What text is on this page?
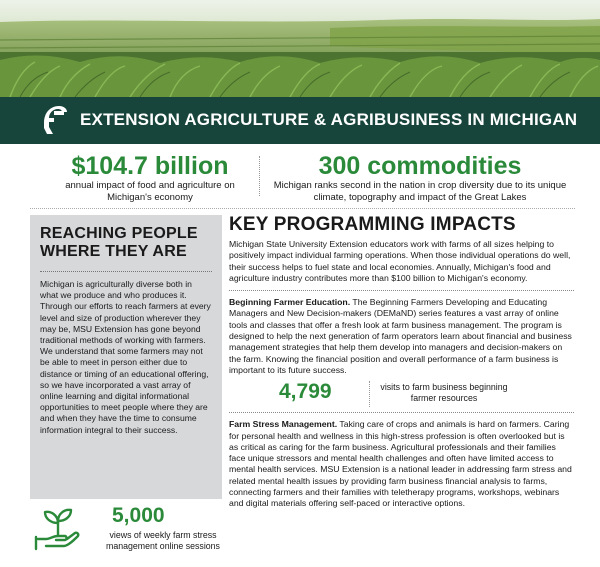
EXTENSION AGRICULTURE & AGRIBUSINESS IN MICHIGAN
$104.7 billion
annual impact of food and agriculture on Michigan's economy
300 commodities
Michigan ranks second in the nation in crop diversity due to its unique climate, topography and impact of the Great Lakes
REACHING PEOPLE WHERE THEY ARE

Michigan is agriculturally diverse both in what we produce and who produces it. Through our efforts to reach farmers at every level and size of production wherever they may be, MSU Extension has gone beyond traditional methods of working with farmers. We understand that some farmers may not be able to meet in person either due to distance or timing of an educational offering, so we have incorporated a vast array of online learning and digital informational opportunities to meet people where they are and when they have the time to consume information integral to their success.

5,000
views of weekly farm stress management online sessions
KEY PROGRAMMING IMPACTS

Michigan State University Extension educators work with farms of all sizes helping to positively impact individual farming operations. When those individual operations do well, their success helps to fuel state and local economies. Annually, Michigan's food and agriculture industry contributes more than $100 billion to Michigan's economy.

Beginning Farmer Education. The Beginning Farmers Developing and Educating Managers and New Decision-makers (DEMaND) series features a vast array of online tools and classes that offer a fresh look at farm business management. The program is designed to help the next generation of farm operators learn about financial and business management strategies that help them develop into managers and decision-makers on the farm. Knowing the financial position and overall performance of a farm business is important to its future success.

4,799	visits to farm business beginning farmer resources

Farm Stress Management. Taking care of crops and animals is hard on farmers. Caring for personal health and wellness in this high-stress profession is often overlooked but is as critical as caring for the farm business. Agricultural professionals and their families face unique stressors and mental health challenges and often have limited access to mental health services. MSU Extension is a national leader in addressing farm stress and related mental health issues by providing farm business financial analysis to farms, connecting farmers and their families with teletherapy programs, workshops, webinars and digital materials offering self-paced or interactive options.
